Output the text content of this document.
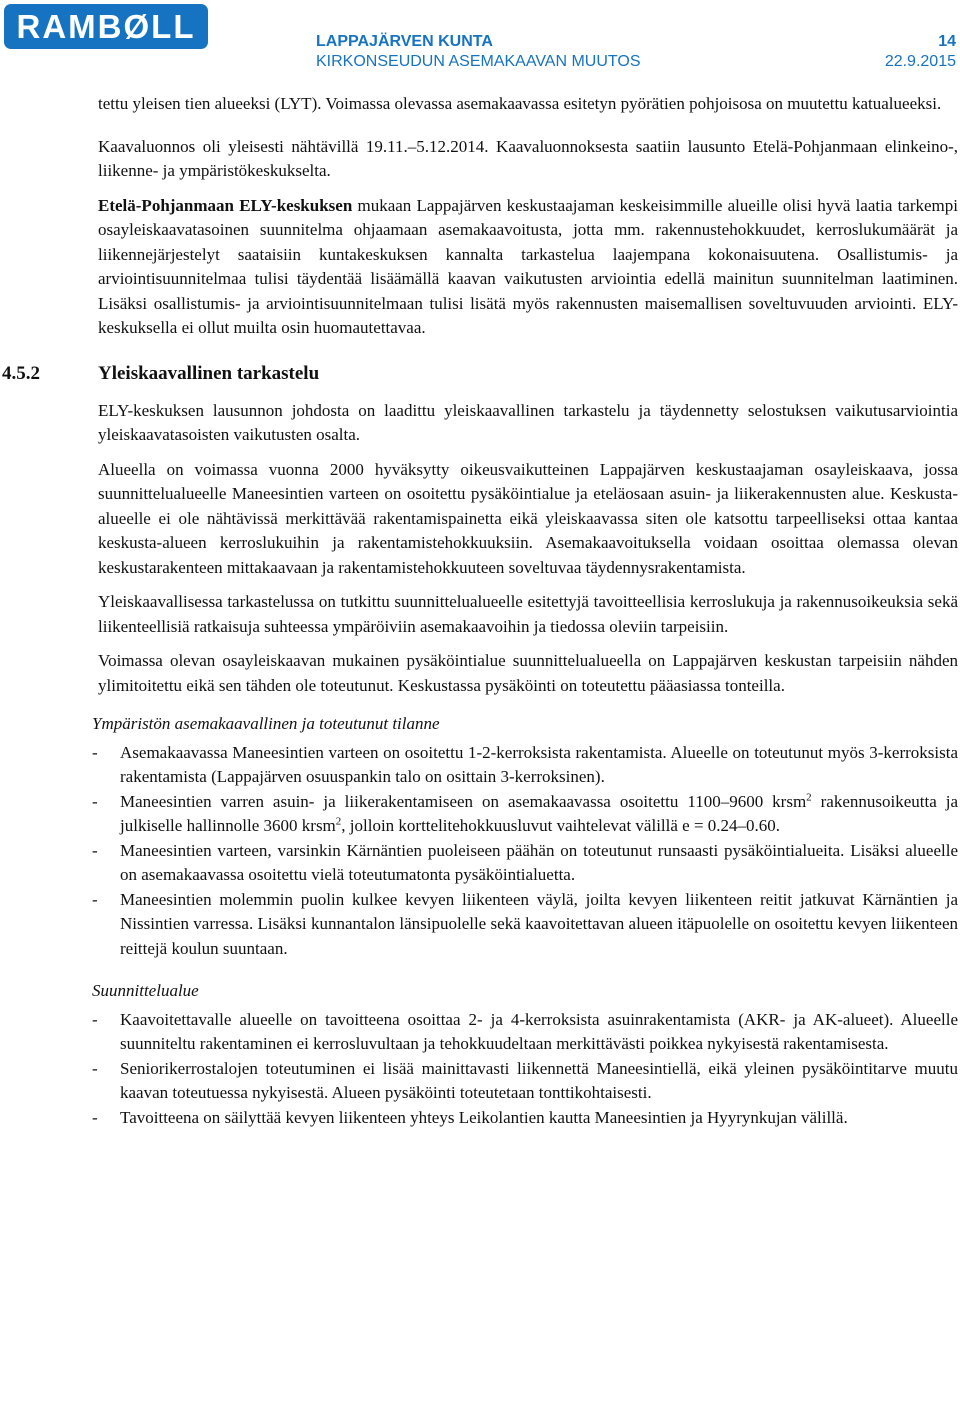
RAMBØLL	LAPPAJÄRVEN KUNTA	14
KIRKONSEUDUN ASEMAKAAVAN MUUTOS	22.9.2015

tettu yleisen tien alueeksi (LYT). Voimassa olevassa asemakaavassa esitetyn pyörätien pohjoisosa on muutettu katualueeksi.

Kaavaluonnos oli yleisesti nähtävillä 19.11.–5.12.2014. Kaavaluonnoksesta saatiin lausunto Etelä-Pohjanmaan elinkeino-, liikenne- ja ympäristökeskukselta.

Etelä-Pohjanmaan ELY-keskuksen mukaan Lappajärven keskustaajaman keskeisimmille alueille olisi hyvä laatia tarkempi osayleiskaavatasoinen suunnitelma ohjaamaan asemakaavoitusta, jotta mm. rakennustehokkuudet, kerroslukumäärät ja liikennejärjestelyt saataisiin kuntakeskuksen kannalta tarkastelua laajempana kokonaisuutena. Osallistumis- ja arviointisuunnitelmaa tulisi täydentää lisäämällä kaavan vaikutusten arviointia edellä mainitun suunnitelman laatiminen. Lisäksi osallistumis- ja arviointisuunnitelmaan tulisi lisätä myös rakennusten maisemallisen soveltuvuuden arviointi. ELY-keskuksella ei ollut muilta osin huomautettavaa.

4.5.2	Yleiskaavallinen tarkastelu

ELY-keskuksen lausunnon johdosta on laadittu yleiskaavallinen tarkastelu ja täydennetty selostuksen vaikutusarviointia yleiskaavatasoisten vaikutusten osalta.

Alueella on voimassa vuonna 2000 hyväksytty oikeusvaikutteinen Lappajärven keskustaajaman osayleiskaava, jossa suunnittelualueelle Maneesintien varteen on osoitettu pysäköintialue ja eteläosaan asuin- ja liikerakennusten alue. Keskusta-alueelle ei ole nähtävissä merkittävää rakentamispainetta eikä yleiskaavassa siten ole katsottu tarpeelliseksi ottaa kantaa keskusta-alueen kerroslukuihin ja rakentamistehokkuuksiin. Asemakaavoituksella voidaan osoittaa olemassa olevan keskustarakenteen mittakaavaan ja rakentamistehokkuuteen soveltuvaa täydennysrakentamista.

Yleiskaavallisessa tarkastelussa on tutkittu suunnittelualueelle esitettyjä tavoitteellisia kerroslukuja ja rakennusoikeuksia sekä liikenteellisiä ratkaisuja suhteessa ympäröiviin asemakaavoihin ja tiedossa oleviin tarpeisiin.

Voimassa olevan osayleiskaavan mukainen pysäköintialue suunnittelualueella on Lappajärven keskustan tarpeisiin nähden ylimitoitettu eikä sen tähden ole toteutunut. Keskustassa pysäköinti on toteutettu pääasiassa tonteilla.

Ympäristön asemakaavallinen ja toteutunut tilanne
- Asemakaavassa Maneesintien varteen on osoitettu 1-2-kerroksista rakentamista. Alueelle on toteutunut myös 3-kerroksista rakentamista (Lappajärven osuuspankin talo on osittain 3-kerroksinen).
- Maneesintien varren asuin- ja liikerakentamiseen on asemakaavassa osoitettu 1100–9600 krsm$^2$ rakennusoikeutta ja julkiselle hallinnolle 3600 krsm$^2$, jolloin korttelitehokkuusluvut vaihtelevat välillä e = 0.24–0.60.
- Maneesintien varteen, varsinkin Kärnäntien puoleiseen päähän on toteutunut runsaasti pysäköintialueita. Lisäksi alueelle on asemakaavassa osoitettu vielä toteutumatonta pysäköintialuetta.
- Maneesintien molemmin puolin kulkee kevyen liikenteen väylä, joilta kevyen liikenteen reitit jatkuvat Kärnäntien ja Nissintien varressa. Lisäksi kunnantalon länsipuolelle sekä kaavoitettavan alueen itäpuolelle on osoitettu kevyen liikenteen reittejä koulun suuntaan.
Suunnittelualue
- Kaavoitettavalle alueelle on tavoitteena osoittaa 2- ja 4-kerroksista asuinrakentamista (AKR- ja AK-alueet). Alueelle suunniteltu rakentaminen ei kerrosluvultaan ja tehokkuudeltaan merkittävästi poikkea nykyisestä rakentamisesta.
- Seniorikerrostalojen toteutuminen ei lisää mainittavasti liikennettä Maneesintiellä, eikä yleinen pysäköintitarve muutu kaavan toteutuessa nykyisestä. Alueen pysäköinti toteutetaan tonttikohtaisesti.
- Tavoitteena on säilyttää kevyen liikenteen yhteys Leikolantien kautta Maneesintien ja Hyyrynkujan välillä.
